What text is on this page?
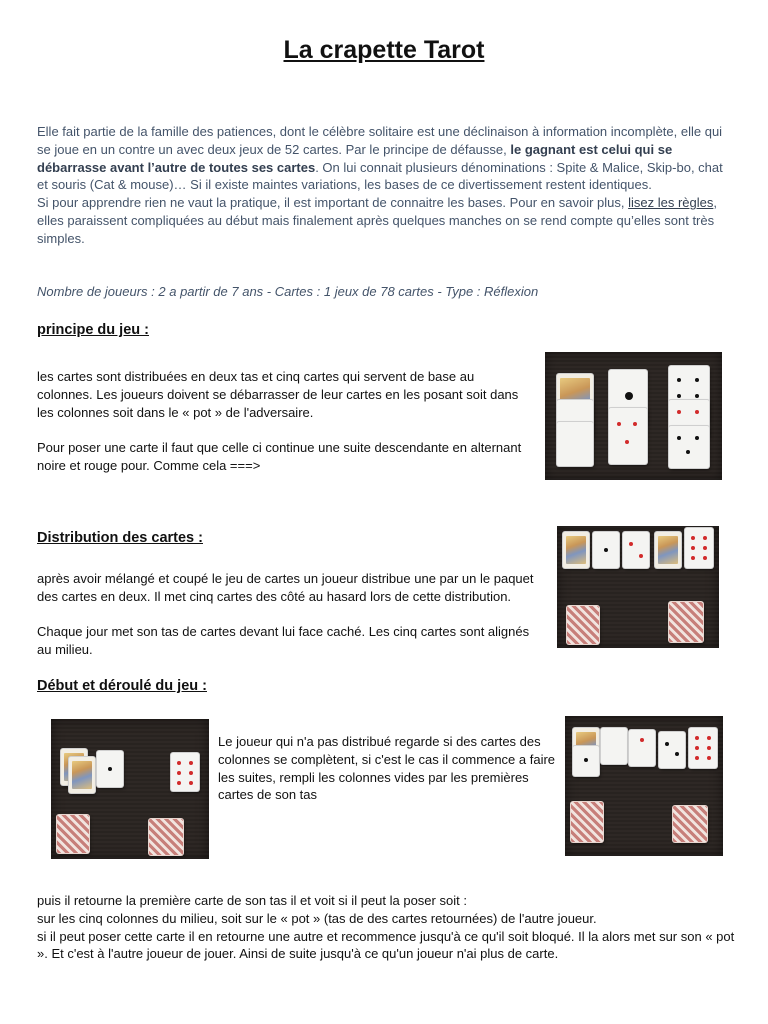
La crapette Tarot

Elle fait partie de la famille des patiences, dont le célèbre solitaire est une déclinaison à information incomplète, elle qui se joue en un contre un avec deux jeux de 52 cartes. Par le principe de défausse, le gagnant est celui qui se débarrasse avant l’autre de toutes ses cartes. On lui connait plusieurs dénominations : Spite & Malice, Skip-bo, chat et souris (Cat & mouse)… Si il existe maintes variations, les bases de ce divertissement restent identiques.
Si pour apprendre rien ne vaut la pratique, il est important de connaitre les bases. Pour en savoir plus, lisez les règles, elles paraissent compliquées au début mais finalement après quelques manches on se rend compte qu’elles sont très simples.

Nombre de joueurs : 2 a partir de 7 ans - Cartes : 1 jeux de 78 cartes - Type : Réflexion

principe du jeu :

les cartes sont distribuées en deux tas et cinq cartes qui servent de base au colonnes. Les joueurs doivent se débarrasser de leur cartes en les posant soit dans les colonnes soit dans le « pot » de l'adversaire.

Pour poser une carte il faut que celle ci continue une suite descendante en alternant noire et rouge pour. Comme cela ===>

Distribution des cartes :

après avoir mélangé et coupé le jeu de cartes un joueur distribue une par un le paquet des cartes en deux. Il met cinq cartes des côté au hasard lors de cette distribution.

Chaque jour met son tas de cartes devant lui face caché. Les cinq cartes sont alignés au milieu.

Début et déroulé du jeu :

Le joueur qui n'a pas distribué regarde si des cartes des colonnes se complètent, si c'est le cas il commence a faire les suites, rempli les colonnes vides par les premières cartes de son tas

puis il retourne la première carte de son tas il et voit si il peut la poser soit :
sur les cinq colonnes du milieu, soit sur le « pot » (tas de des cartes retournées) de l'autre joueur.
si il peut poser cette carte il en retourne une autre et recommence jusqu'à ce qu'il soit bloqué. Il la alors met sur son « pot ». Et c'est à l'autre joueur de jouer. Ainsi de suite jusqu'à ce qu'un joueur n'ai plus de carte.
